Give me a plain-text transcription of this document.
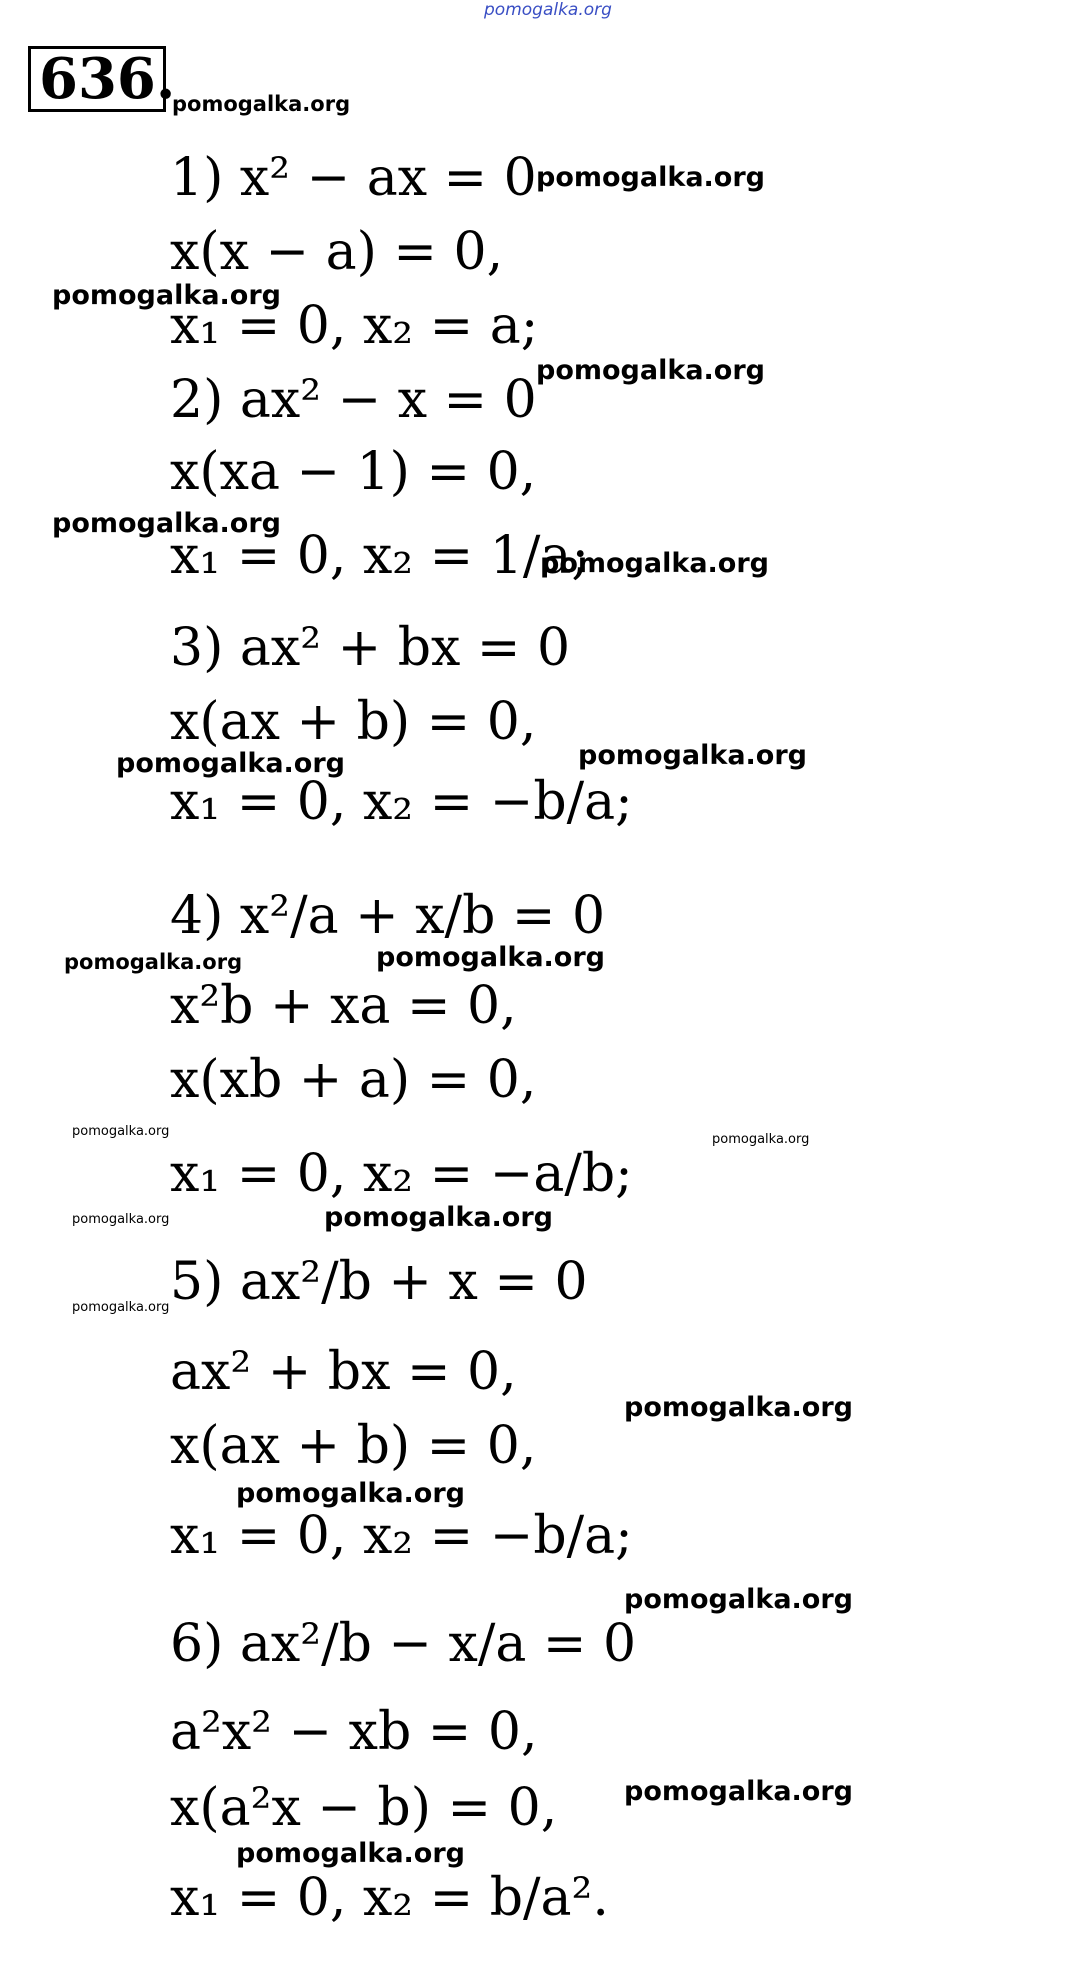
pomogalka.org
636.
pomogalka.org
pomogalka.org
pomogalka.org
pomogalka.org
pomogalka.org
pomogalka.org
pomogalka.org	pomogalka.org
pomogalka.org	pomogalka.org
pomogalka.org
pomogalka.org
pomogalka.org	pomogalka.org
pomogalka.org
pomogalka.org
pomogalka.org
pomogalka.org
pomogalka.org
pomogalka.org
1) x² − ax = 0
x(x − a) = 0,
x₁ = 0, x₂ = a;
2) ax² − x = 0
x(xa − 1) = 0,
x₁ = 0, x₂ = 1/a;
3) ax² + bx = 0
x(ax + b) = 0,
x₁ = 0, x₂ = −b/a;
4) x²/a + x/b = 0
x²b + xa = 0,
x(xb + a) = 0,
x₁ = 0, x₂ = −a/b;
5) ax²/b + x = 0
ax² + bx = 0,
x(ax + b) = 0,
x₁ = 0, x₂ = −b/a;
6) ax²/b − x/a = 0
a²x² − xb = 0,
x(a²x − b) = 0,
x₁ = 0, x₂ = b/a².
